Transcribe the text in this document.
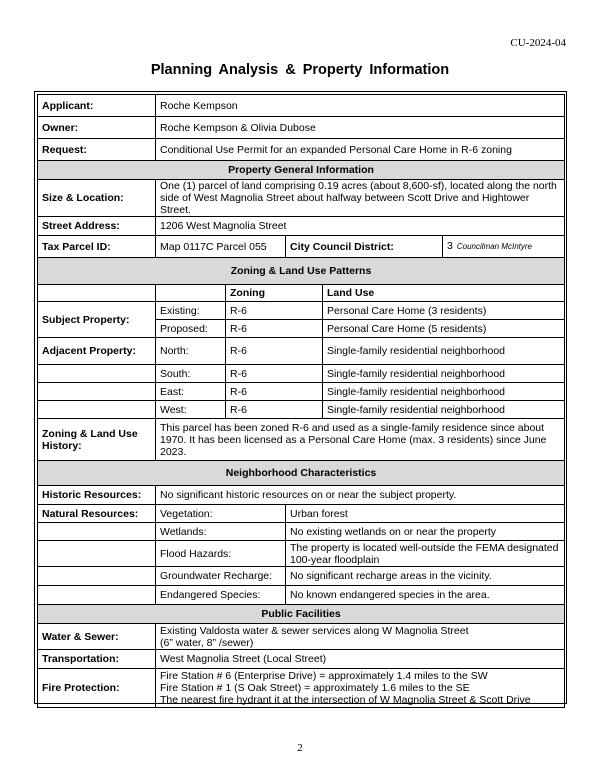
CU-2024-04
Planning Analysis & Property Information
Applicant:	Roche Kempson				
Owner:	Roche Kempson & Olivia Dubose				
Request:	Conditional Use Permit for an expanded Personal Care Home in R-6 zoning				
Property General Information					
Size & Location:	One (1) parcel of land comprising 0.19 acres (about 8,600-sf), located along the north side of West Magnolia Street about halfway between Scott Drive and Hightower Street.				
Street Address:	1206 West Magnolia Street				
Tax Parcel ID:	Map 0117C Parcel 055		City Council District:		3 Councilman McIntyre
Zoning & Land Use Patterns					
		Zoning		Land Use	
Subject Property:	Existing:	R-6		Personal Care Home (3 residents)	
	Proposed:	R-6		Personal Care Home (5 residents)	
Adjacent Property:	North:	R-6		Single-family residential neighborhood	
	South:	R-6		Single-family residential neighborhood	
	East:	R-6		Single-family residential neighborhood	
	West:	R-6		Single-family residential neighborhood	
Zoning & Land Use History:	This parcel has been zoned R-6 and used as a single-family residence since about 1970. It has been licensed as a Personal Care Home (max. 3 residents) since June 2023.				
Neighborhood Characteristics					
Historic Resources:	No significant historic resources on or near the subject property.				
Natural Resources:	Vegetation:		Urban forest		
	Wetlands:		No existing wetlands on or near the property		
	Flood Hazards:		The property is located well-outside the FEMA designated 100-year floodplain		
	Groundwater Recharge:		No significant recharge areas in the vicinity.		
	Endangered Species:		No known endangered species in the area.		
Public Facilities					
Water & Sewer:	Existing Valdosta water & sewer services along W Magnolia Street
(6” water, 8” /sewer)				

Transportation:	West Magnolia Street (Local Street)				
Fire Protection:	Fire Station # 6 (Enterprise Drive) = approximately 1.4 miles to the SW
Fire Station # 1 (S Oak Street) = approximately 1.6 miles to the SE
The nearest fire hydrant it at the intersection of W Magnolia Street & Scott Drive				
2
